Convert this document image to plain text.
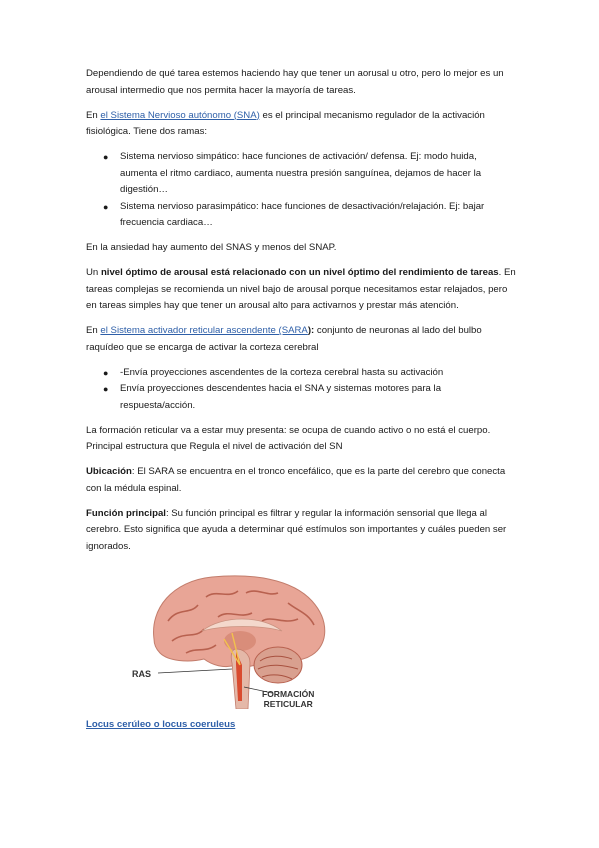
Dependiendo de qué tarea estemos haciendo hay que tener un aorusal u otro, pero lo mejor es un arousal intermedio que nos permita hacer la mayoría de tareas.

En el Sistema Nervioso autónomo (SNA) es el principal mecanismo regulador de la activación fisiológica. Tiene dos ramas:

● Sistema nervioso simpático: hace funciones de activación/ defensa. Ej: modo huida, aumenta el ritmo cardiaco, aumenta nuestra presión sanguínea, dejamos de hacer la digestión…
● Sistema nervioso parasimpático: hace funciones de desactivación/relajación. Ej: bajar frecuencia cardiaca…

En la ansiedad hay aumento del SNAS y menos del SNAP.

Un nivel óptimo de arousal está relacionado con un nivel óptimo del rendimiento de tareas. En tareas complejas se recomienda un nivel bajo de arousal porque necesitamos estar relajados, pero en tareas simples hay que tener un arousal alto para activarnos y prestar más atención.

En el Sistema activador reticular ascendente (SARA): conjunto de neuronas al lado del bulbo raquídeo que se encarga de activar la corteza cerebral

● -Envía proyecciones ascendentes de la corteza cerebral hasta su activación
● Envía proyecciones descendentes hacia el SNA y sistemas motores para la respuesta/acción.

La formación reticular va a estar muy presenta: se ocupa de cuando activo o no está el cuerpo. Principal estructura que Regula el nivel de activación del SN

Ubicación: El SARA se encuentra en el tronco encefálico, que es la parte del cerebro que conecta con la médula espinal.

Función principal: Su función principal es filtrar y regular la información sensorial que llega al cerebro. Esto significa que ayuda a determinar qué estímulos son importantes y cuáles pueden ser ignorados.

RAS
FORMACIÓN
RETICULAR
Locus cerúleo o locus coeruleus
